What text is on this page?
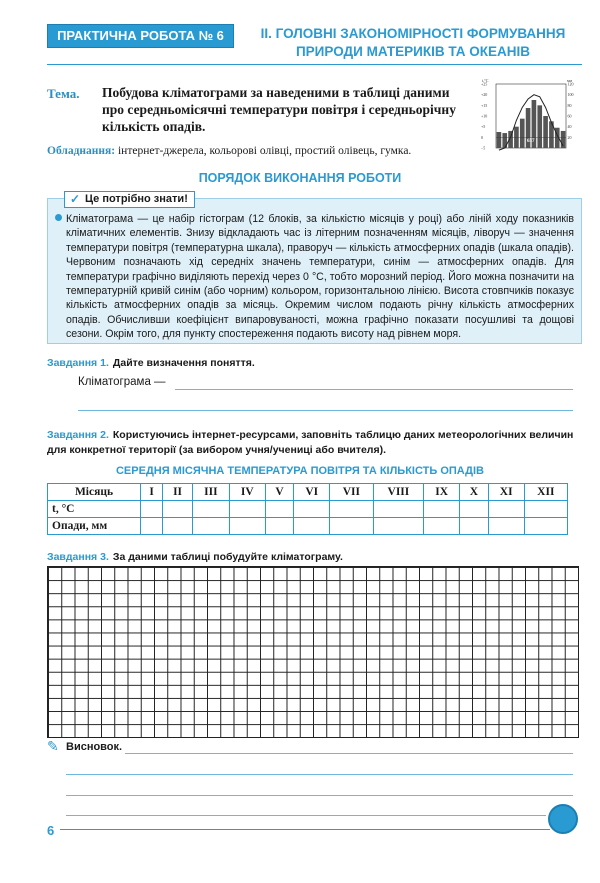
ПРАКТИЧНА РОБОТА № 6	II. ГОЛОВНІ ЗАКОНОМІРНОСТІ ФОРМУВАННЯ ПРИРОДИ МАТЕРИКІВ ТА ОКЕАНІВ
Тема. Побудова кліматограми за наведеними в таблиці даними про середньомісячні температури повітря і середньорічну кількість опадів.
t,°C	мм
+25
+20
+15
+10
+5
0
−5
120
100
80
60
40
20
657
Обладнання: інтернет-джерела, кольорові олівці, простий олівець, гумка.
ПОРЯДОК ВИКОНАННЯ РОБОТИ
Це потрібно знати!
✓
Кліматограма — це набір гістограм (12 блоків, за кількістю місяців у році) або ліній ходу показників кліматичних елементів. Знизу відкладають час із літерним позначенням місяців, ліворуч — значення температури повітря (температурна шкала), праворуч — кількість атмосферних опадів (шкала опадів). Червоним позначають хід середніх значень температури, синім — атмосферних опадів. Для температури графічно виділяють перехід через 0 °C, тобто морозний період. Його можна позначити на температурній кривій синім (або чорним) кольором, горизонтальною лінією. Висота стовпчиків показує кількість атмосферних опадів за місяць. Окремим числом подають річну кількість атмосферних опадів. Обчисливши коефіцієнт випаровуваності, можна графічно показати посушливі та дощові сезони. Окрім того, для пункту спостереження подають висоту над рівнем моря.
Завдання 1. Дайте визначення поняття.
Кліматограма —
Завдання 2. Користуючись інтернет-ресурсами, заповніть таблицю даних метеорологічних величин для конкретної території (за вибором учня/учениці або вчителя).
СЕРЕДНЯ МІСЯЧНА ТЕМПЕРАТУРА ПОВІТРЯ ТА КІЛЬКІСТЬ ОПАДІВ
Місяць	I	II	III	IV	V	VI	VII	VIII	IX	X	XI	XII
t, °C												
Опади, мм												
Завдання 3. За даними таблиці побудуйте кліматограму.
✎ Висновок.
6
